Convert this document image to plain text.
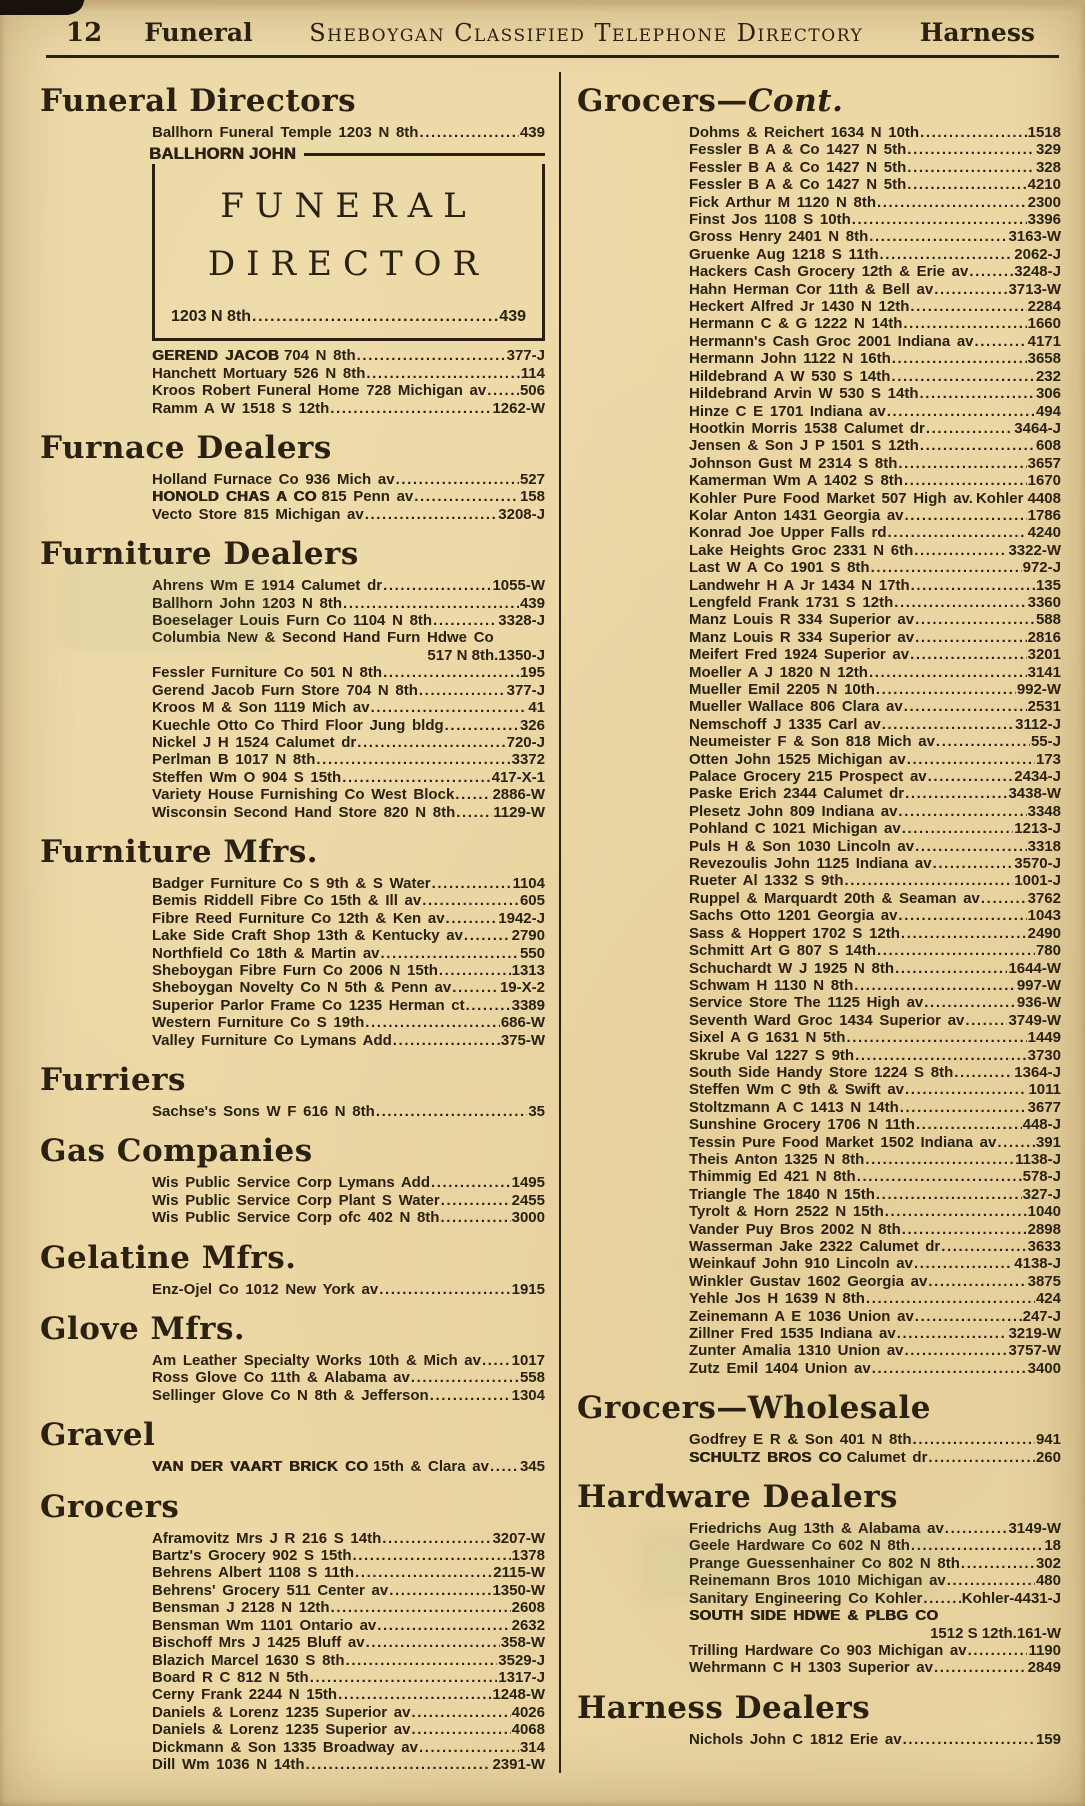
12 Funeral	Sheboygan Classified Telephone Directory	Harness
Funeral Directors
Ballhorn Funeral Temple 1203 N 8th .....	439
BALLHORN JOHN
FUNERAL
DIRECTOR
1203 N 8th .....	439
GEREND JACOB 704 N 8th .....	377-J
Hanchett Mortuary 526 N 8th .....	114
Kroos Robert Funeral Home 728 Michigan av ..... 506
Ramm A W 1518 S 12th .....	1262-W
Furnace Dealers
Holland Furnace Co 936 Mich av .....	527
HONOLD CHAS A CO 815 Penn av .....	158
Vecto Store 815 Michigan av .....	3208-J
Furniture Dealers
Ahrens Wm E 1914 Calumet dr .....	1055-W
Ballhorn John 1203 N 8th .....	439
Boeselager Louis Furn Co 1104 N 8th .....	3328-J
Columbia New & Second Hand Furn Hdwe Co
517 N 8th.1350-J
Fessler Furniture Co 501 N 8th .....	195
Gerend Jacob Furn Store 704 N 8th .....	377-J
Kroos M & Son 1119 Mich av .....	41
Kuechle Otto Co Third Floor Jung bldg .....	326
Nickel J H 1524 Calumet dr .....	720-J
Perlman B 1017 N 8th .....	3372
Steffen Wm O 904 S 15th .....	417-X-1
Variety House Furnishing Co West Block .....	2886-W
Wisconsin Second Hand Store 820 N 8th .....	1129-W
Furniture Mfrs.
Badger Furniture Co S 9th & S Water .....	1104
Bemis Riddell Fibre Co 15th & Ill av .....	605
Fibre Reed Furniture Co 12th & Ken av .....	1942-J
Lake Side Craft Shop 13th & Kentucky av .....	2790
Northfield Co 18th & Martin av .....	550
Sheboygan Fibre Furn Co 2006 N 15th .....	1313
Sheboygan Novelty Co N 5th & Penn av .....	19-X-2
Superior Parlor Frame Co 1235 Herman ct .....	3389
Western Furniture Co S 19th .....	686-W
Valley Furniture Co Lymans Add .....	375-W
Furriers
Sachse's Sons W F 616 N 8th .....	35
Gas Companies
Wis Public Service Corp Lymans Add .....	1495
Wis Public Service Corp Plant S Water .....	2455
Wis Public Service Corp ofc 402 N 8th .....	3000
Gelatine Mfrs.
Enz-Ojel Co 1012 New York av .....	1915
Glove Mfrs.
Am Leather Specialty Works 10th & Mich av ..... 1017
Ross Glove Co 11th & Alabama av .....	558
Sellinger Glove Co N 8th & Jefferson .....	1304
Gravel
VAN DER VAART BRICK CO 15th & Clara av ..... 345
Grocers
Aframovitz Mrs J R 216 S 14th .....	3207-W
Bartz's Grocery 902 S 15th .....	1378
Behrens Albert 1108 S 11th .....	2115-W
Behrens' Grocery 511 Center av .....	1350-W
Bensman J 2128 N 12th .....	2608
Bensman Wm 1101 Ontario av .....	2632
Bischoff Mrs J 1425 Bluff av .....	358-W
Blazich Marcel 1630 S 8th .....	3529-J
Board R C 812 N 5th .....	1317-J
Cerny Frank 2244 N 15th .....	1248-W
Daniels & Lorenz 1235 Superior av .....	4026
Daniels & Lorenz 1235 Superior av .....	4068
Dickmann & Son 1335 Broadway av .....	314
Dill Wm 1036 N 14th .....	2391-W
Grocers—Cont.
Dohms & Reichert 1634 N 10th .....	1518
Fessler B A & Co 1427 N 5th .....	329
Fessler B A & Co 1427 N 5th .....	328
Fessler B A & Co 1427 N 5th .....	4210
Fick Arthur M 1120 N 8th .....	2300
Finst Jos 1108 S 10th .....	3396
Gross Henry 2401 N 8th .....	3163-W
Gruenke Aug 1218 S 11th .....	2062-J
Hackers Cash Grocery 12th & Erie av .....	3248-J
Hahn Herman Cor 11th & Bell av .....	3713-W
Heckert Alfred Jr 1430 N 12th .....	2284
Hermann C & G 1222 N 14th .....	1660
Hermann's Cash Groc 2001 Indiana av .....	4171
Hermann John 1122 N 16th .....	3658
Hildebrand A W 530 S 14th .....	232
Hildebrand Arvin W 530 S 14th .....	306
Hinze C E 1701 Indiana av .....	494
Hootkin Morris 1538 Calumet dr .....	3464-J
Jensen & Son J P 1501 S 12th .....	608
Johnson Gust M 2314 S 8th .....	3657
Kamerman Wm A 1402 S 8th .....	1670
Kohler Pure Food Market 507 High av. ..... Kohler 4408
Kolar Anton 1431 Georgia av .....	1786
Konrad Joe Upper Falls rd .....	4240
Lake Heights Groc 2331 N 6th .....	3322-W
Last W A Co 1901 S 8th .....	972-J
Landwehr H A Jr 1434 N 17th .....	135
Lengfeld Frank 1731 S 12th .....	3360
Manz Louis R 334 Superior av .....	588
Manz Louis R 334 Superior av .....	2816
Meifert Fred 1924 Superior av .....	3201
Moeller A J 1820 N 12th .....	3141
Mueller Emil 2205 N 10th .....	992-W
Mueller Wallace 806 Clara av .....	2531
Nemschoff J 1335 Carl av .....	3112-J
Neumeister F & Son 818 Mich av .....	55-J
Otten John 1525 Michigan av .....	173
Palace Grocery 215 Prospect av .....	2434-J
Paske Erich 2344 Calumet dr .....	3438-W
Plesetz John 809 Indiana av .....	3348
Pohland C 1021 Michigan av .....	1213-J
Puls H & Son 1030 Lincoln av .....	3318
Revezoulis John 1125 Indiana av .....	3570-J
Rueter Al 1332 S 9th .....	1001-J
Ruppel & Marquardt 20th & Seaman av .....	3762
Sachs Otto 1201 Georgia av .....	1043
Sass & Hoppert 1702 S 12th .....	2490
Schmitt Art G 807 S 14th .....	780
Schuchardt W J 1925 N 8th .....	1644-W
Schwam H 1130 N 8th .....	997-W
Service Store The 1125 High av .....	936-W
Seventh Ward Groc 1434 Superior av .....	3749-W
Sixel A G 1631 N 5th .....	1449
Skrube Val 1227 S 9th .....	3730
South Side Handy Store 1224 S 8th .....	1364-J
Steffen Wm C 9th & Swift av .....	1011
Stoltzmann A C 1413 N 14th .....	3677
Sunshine Grocery 1706 N 11th .....	448-J
Tessin Pure Food Market 1502 Indiana av .....	391
Theis Anton 1325 N 8th .....	1138-J
Thimmig Ed 421 N 8th .....	578-J
Triangle The 1840 N 15th .....	327-J
Tyrolt & Horn 2522 N 15th .....	1040
Vander Puy Bros 2002 N 8th .....	2898
Wasserman Jake 2322 Calumet dr .....	3633
Weinkauf John 910 Lincoln av .....	4138-J
Winkler Gustav 1602 Georgia av .....	3875
Yehle Jos H 1639 N 8th .....	424
Zeinemann A E 1036 Union av .....	247-J
Zillner Fred 1535 Indiana av .....	3219-W
Zunter Amalia 1310 Union av .....	3757-W
Zutz Emil 1404 Union av .....	3400
Grocers—Wholesale
Godfrey E R & Son 401 N 8th .....	941
SCHULTZ BROS CO Calumet dr .....	260
Hardware Dealers
Friedrichs Aug 13th & Alabama av .....	3149-W
Geele Hardware Co 602 N 8th .....	18
Prange Guessenhainer Co 802 N 8th .....	302
Reinemann Bros 1010 Michigan av .....	480
Sanitary Engineering Co Kohler .....	Kohler-4431-J
SOUTH SIDE HDWE & PLBG CO
1512 S 12th.161-W
Trilling Hardware Co 903 Michigan av .....	1190
Wehrmann C H 1303 Superior av .....	2849
Harness Dealers
Nichols John C 1812 Erie av .....	159
